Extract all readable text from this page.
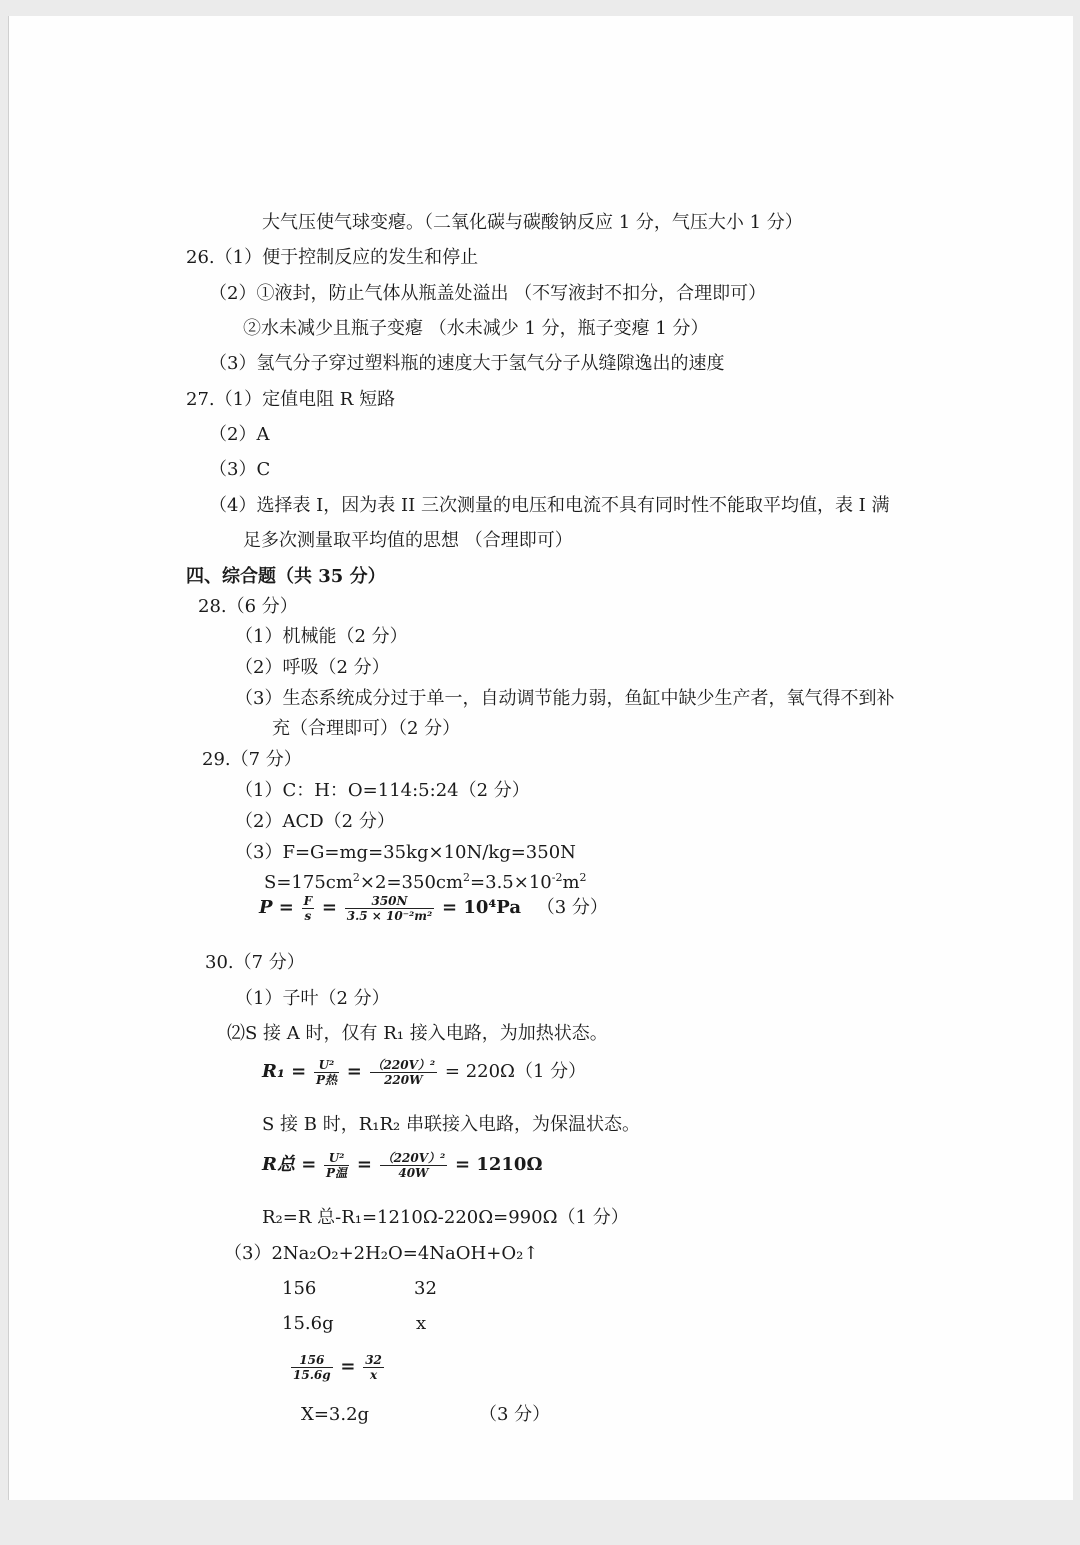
大气压使气球变瘪。（二氧化碳与碳酸钠反应 1 分，气压大小 1 分）
26.（1）便于控制反应的发生和停止
（2）①液封，防止气体从瓶盖处溢出 （不写液封不扣分，合理即可）
②水未减少且瓶子变瘪 （水未减少 1 分，瓶子变瘪 1 分）
（3）氢气分子穿过塑料瓶的速度大于氢气分子从缝隙逸出的速度
27.（1）定值电阻 R 短路
（2）A
（3）C
（4）选择表 I，因为表 II 三次测量的电压和电流不具有同时性不能取平均值，表 I 满
足多次测量取平均值的思想 （合理即可）
四、综合题（共 35 分）
28.（6 分）
（1）机械能（2 分）
（2）呼吸（2 分）
（3）生态系统成分过于单一，自动调节能力弱，鱼缸中缺少生产者，氧气得不到补
充（合理即可）（2 分）
29.（7 分）
（1）C：H：O=114:5:24（2 分）
（2）ACD（2 分）
（3）F=G=mg=35kg×10N/kg=350N
$S=175cm^2\times 2=350cm^2=3.5\times 10^{-2}m^2$
$P = \frac{F}{s} = \frac{350N}{\text{3.5 × 10⁻²m²}} = 10^4Pa$ （3 分）
30.（7 分）
（1）子叶（2 分）
⑵S 接 A 时，仅有 R₁ 接入电路，为加热状态。
$R_1 = \frac{\text{U²}}{\text{P热}} = \frac{\text{（220V）²}}{220W} = 220\Omega(1$ 分）
S 接 B 时，R₁R₂ 串联接入电路，为保温状态。
R总 = $\frac{\text{U²}}{\text{P温}} = \frac{\text{（220V）²}}{40W} = 1210\Omega$
R₂=R 总-R₁=1210Ω-220Ω=990Ω（1 分）
（3）2Na₂O₂+2H₂O=4NaOH+O₂↑
156	32
15.6g	x
$\frac{156}{15.6g} = \frac{32}{x}$
X=3.2g	（3 分）
